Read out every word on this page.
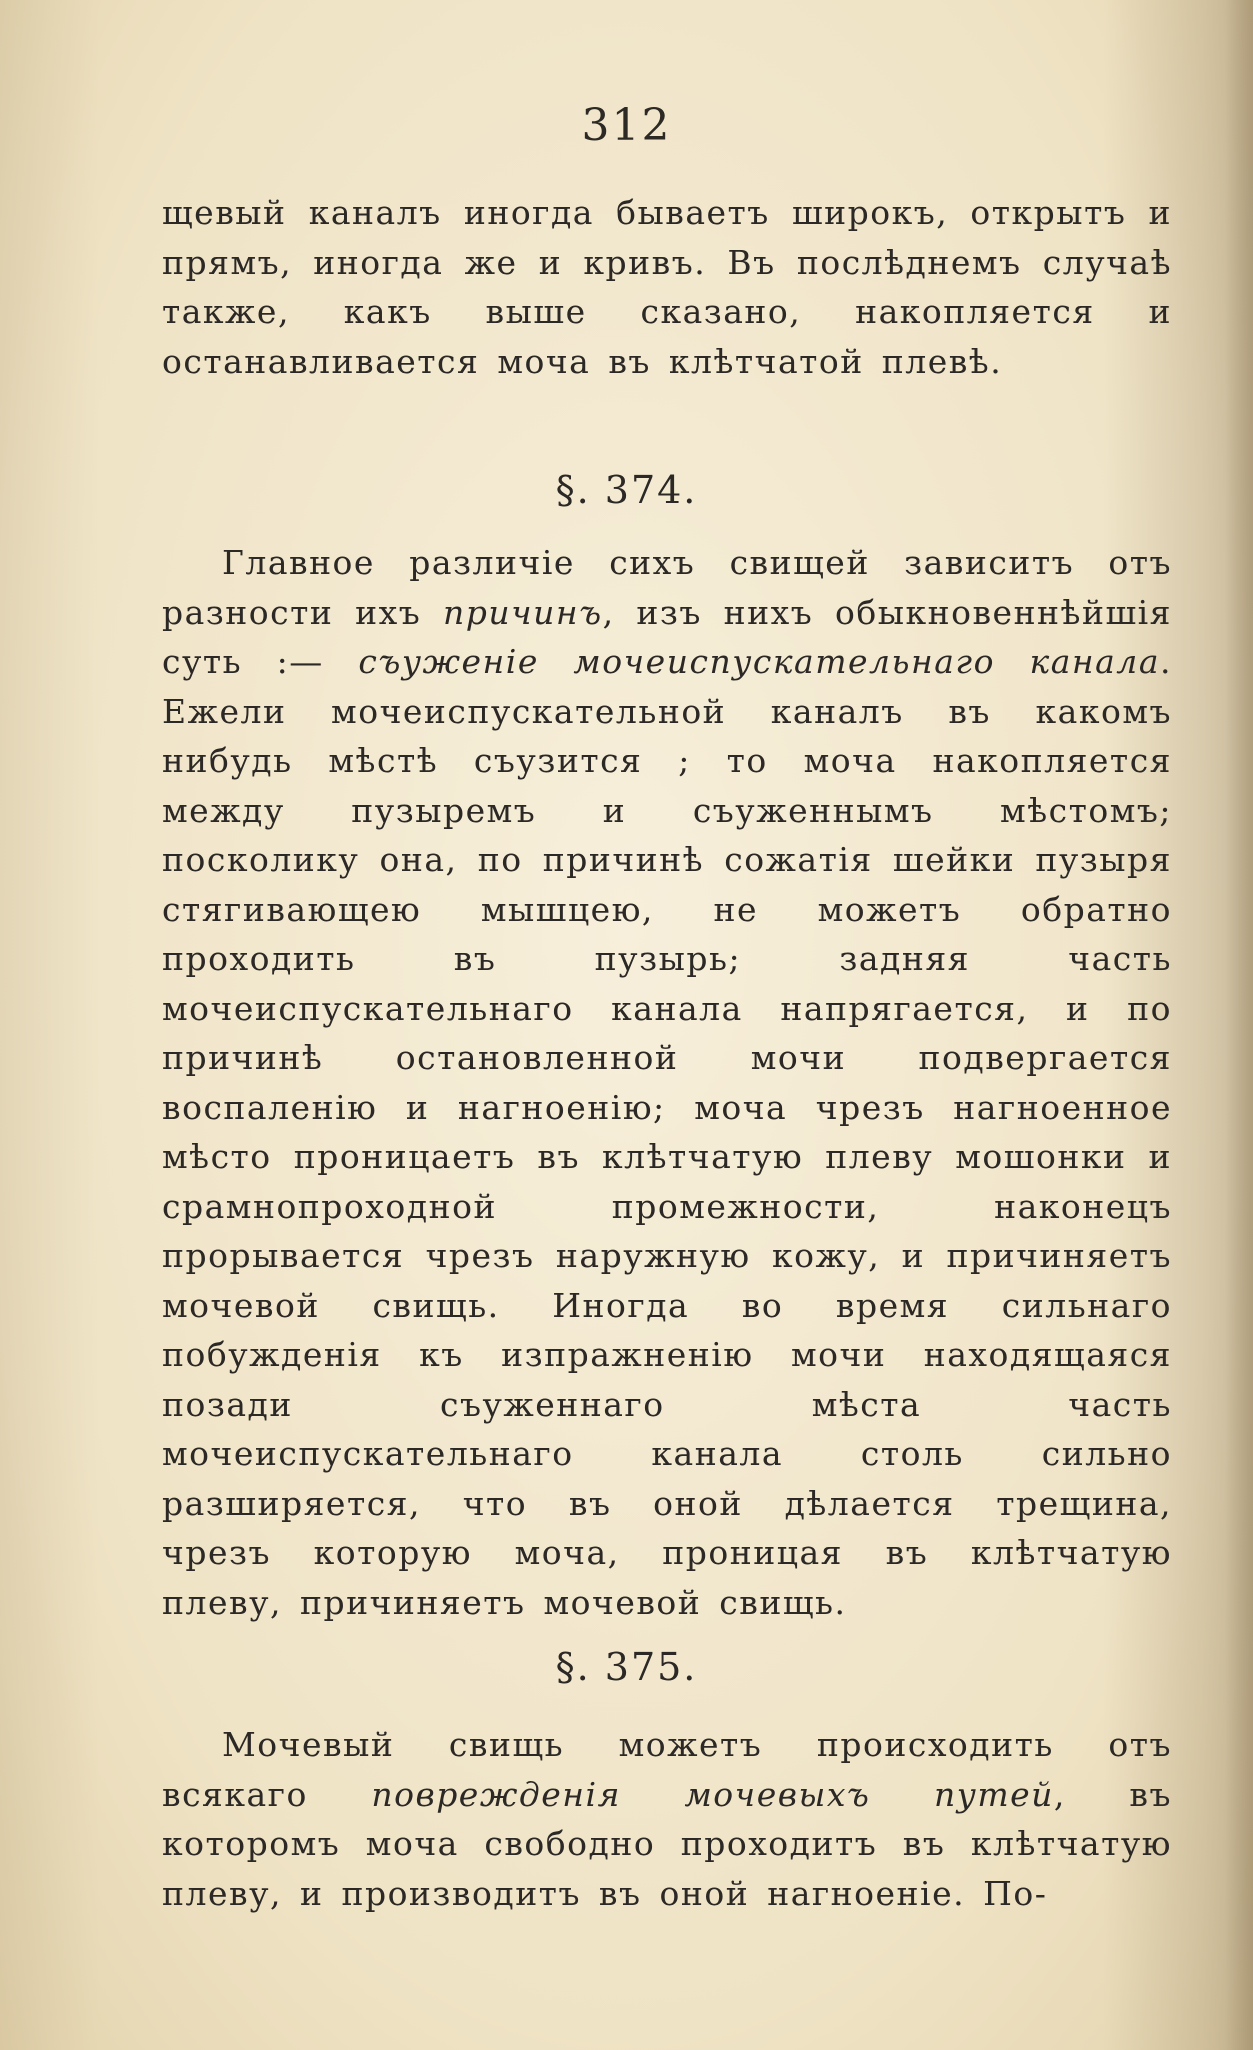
312

щевый каналъ иногда бываетъ широкъ, открытъ и прямъ, иногда же и кривъ. Въ послѣднемъ случаѣ также, какъ выше сказано, накопляется и останавливается моча въ клѣтчатой плевѣ.

§. 374.

Главное различіе сихъ свищей зависитъ отъ разности ихъ причинъ, изъ нихъ обыкновеннѣйшія суть :— съуженіе мочеиспускательнаго канала. Ежели мочеиспускательной каналъ въ какомъ нибудь мѣстѣ съузится ; то моча накопляется между пузыремъ и съуженнымъ мѣстомъ; посколику она, по причинѣ сожатія шейки пузыря стягивающею мышцею, не можетъ обратно проходить въ пузырь; задняя часть мочеиспускательнаго канала напрягается, и по причинѣ остановленной мочи подвергается воспаленію и нагноенію; моча чрезъ нагноенное мѣсто проницаетъ въ клѣтчатую плеву мошонки и срамнопроходной промежности, наконецъ прорывается чрезъ наружную кожу, и причиняетъ мочевой свищь. Иногда во время сильнаго побужденія къ изпражненію мочи находящаяся позади съуженнаго мѣста часть мочеиспускательнаго канала столь сильно разширяется, что въ оной дѣлается трещина, чрезъ которую моча, проницая въ клѣтчатую плеву, причиняетъ мочевой свищь.

§. 375.

Мочевый свищь можетъ происходить отъ всякаго поврежденія мочевыхъ путей, въ которомъ моча свободно проходитъ въ клѣтчатую плеву, и производитъ въ оной нагноеніе. По-
